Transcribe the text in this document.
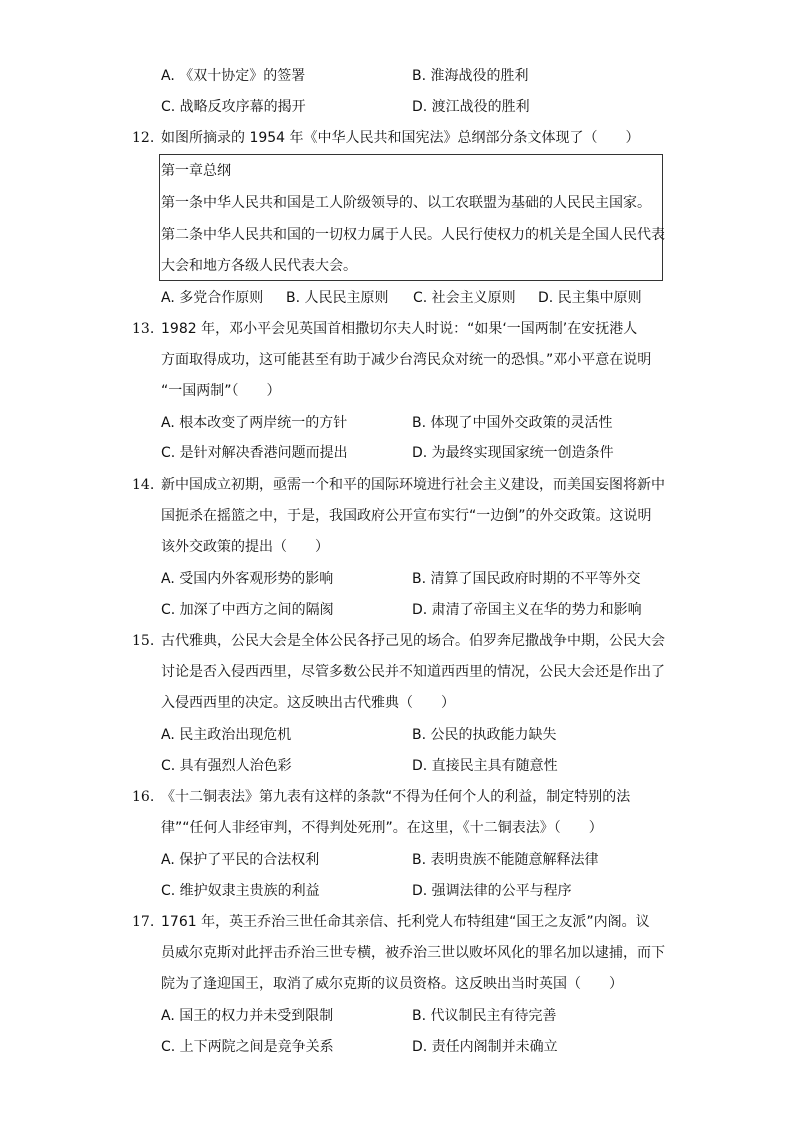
A. 《双十协定》的签署	B. 淮海战役的胜利
C. 战略反攻序幕的揭开	D. 渡江战役的胜利
12. 如图所摘录的 1954 年《中华人民共和国宪法》总纲部分条文体现了（　　）
第一章总纲
第一条中华人民共和国是工人阶级领导的、以工农联盟为基础的人民民主国家。
第二条中华人民共和国的一切权力属于人民。人民行使权力的机关是全国人民代表
大会和地方各级人民代表大会。
A. 多党合作原则 B. 人民民主原则 C. 社会主义原则 D. 民主集中原则
13. 1982 年，邓小平会见英国首相撒切尔夫人时说：“如果‘一国两制’在安抚港人
方面取得成功，这可能甚至有助于减少台湾民众对统一的恐惧。”邓小平意在说明
“一国两制”（　　）
A. 根本改变了两岸统一的方针	B. 体现了中国外交政策的灵活性
C. 是针对解决香港问题而提出	D. 为最终实现国家统一创造条件
14. 新中国成立初期，亟需一个和平的国际环境进行社会主义建设，而美国妄图将新中
国扼杀在摇篮之中，于是，我国政府公开宣布实行“一边倒”的外交政策。这说明
该外交政策的提出（　　）
A. 受国内外客观形势的影响	B. 清算了国民政府时期的不平等外交
C. 加深了中西方之间的隔阂	D. 肃清了帝国主义在华的势力和影响
15. 古代雅典，公民大会是全体公民各抒己见的场合。伯罗奔尼撒战争中期，公民大会
讨论是否入侵西西里，尽管多数公民并不知道西西里的情况，公民大会还是作出了
入侵西西里的决定。这反映出古代雅典（　　）
A. 民主政治出现危机	B. 公民的执政能力缺失
C. 具有强烈人治色彩	D. 直接民主具有随意性
16. 《十二铜表法》第九表有这样的条款“不得为任何个人的利益，制定特别的法
律”“任何人非经审判，不得判处死刑”。在这里，《十二铜表法》（　　）
A. 保护了平民的合法权利	B. 表明贵族不能随意解释法律
C. 维护奴隶主贵族的利益	D. 强调法律的公平与程序
17. 1761 年，英王乔治三世任命其亲信、托利党人布特组建“国王之友派”内阁。议
员威尔克斯对此抨击乔治三世专横，被乔治三世以败坏风化的罪名加以逮捕，而下
院为了逢迎国王，取消了威尔克斯的议员资格。这反映出当时英国（　　）
A. 国王的权力并未受到限制	B. 代议制民主有待完善
C. 上下两院之间是竞争关系	D. 责任内阁制并未确立
